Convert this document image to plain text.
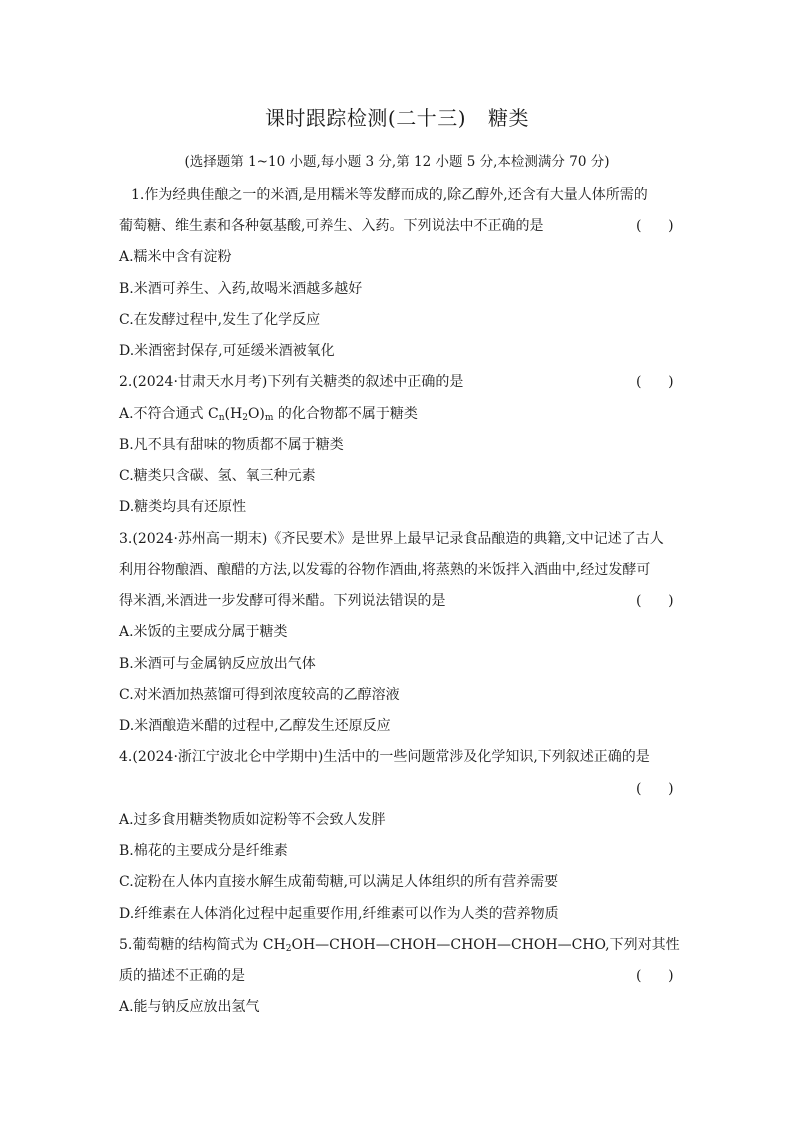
课时跟踪检测(二十三) 糖类
(选择题第 1~10 小题,每小题 3 分,第 12 小题 5 分,本检测满分 70 分)
1.作为经典佳酿之一的米酒,是用糯米等发酵而成的,除乙醇外,还含有大量人体所需的
葡萄糖、维生素和各种氨基酸,可养生、入药。下列说法中不正确的是	(      )
A.糯米中含有淀粉
B.米酒可养生、入药,故喝米酒越多越好
C.在发酵过程中,发生了化学反应
D.米酒密封保存,可延缓米酒被氧化
2.(2024·甘肃天水月考)下列有关糖类的叙述中正确的是	(      )
A.不符合通式 $C_n(H_2O)_m$ 的化合物都不属于糖类
B.凡不具有甜味的物质都不属于糖类
C.糖类只含碳、氢、氧三种元素
D.糖类均具有还原性
3.(2024·苏州高一期末)《齐民要术》是世界上最早记录食品酿造的典籍,文中记述了古人
利用谷物酿酒、酿醋的方法,以发霉的谷物作酒曲,将蒸熟的米饭拌入酒曲中,经过发酵可
得米酒,米酒进一步发酵可得米醋。下列说法错误的是	(      )
A.米饭的主要成分属于糖类
B.米酒可与金属钠反应放出气体
C.对米酒加热蒸馏可得到浓度较高的乙醇溶液
D.米酒酿造米醋的过程中,乙醇发生还原反应
4.(2024·浙江宁波北仑中学期中)生活中的一些问题常涉及化学知识,下列叙述正确的是
(      )
A.过多食用糖类物质如淀粉等不会致人发胖
B.棉花的主要成分是纤维素
C.淀粉在人体内直接水解生成葡萄糖,可以满足人体组织的所有营养需要
D.纤维素在人体消化过程中起重要作用,纤维素可以作为人类的营养物质
5.葡萄糖的结构简式为 $CH_2OH—CHOH—CHOH—CHOH—CHOH—CHO$,下列对其性
质的描述不正确的是	(      )
A.能与钠反应放出氢气
